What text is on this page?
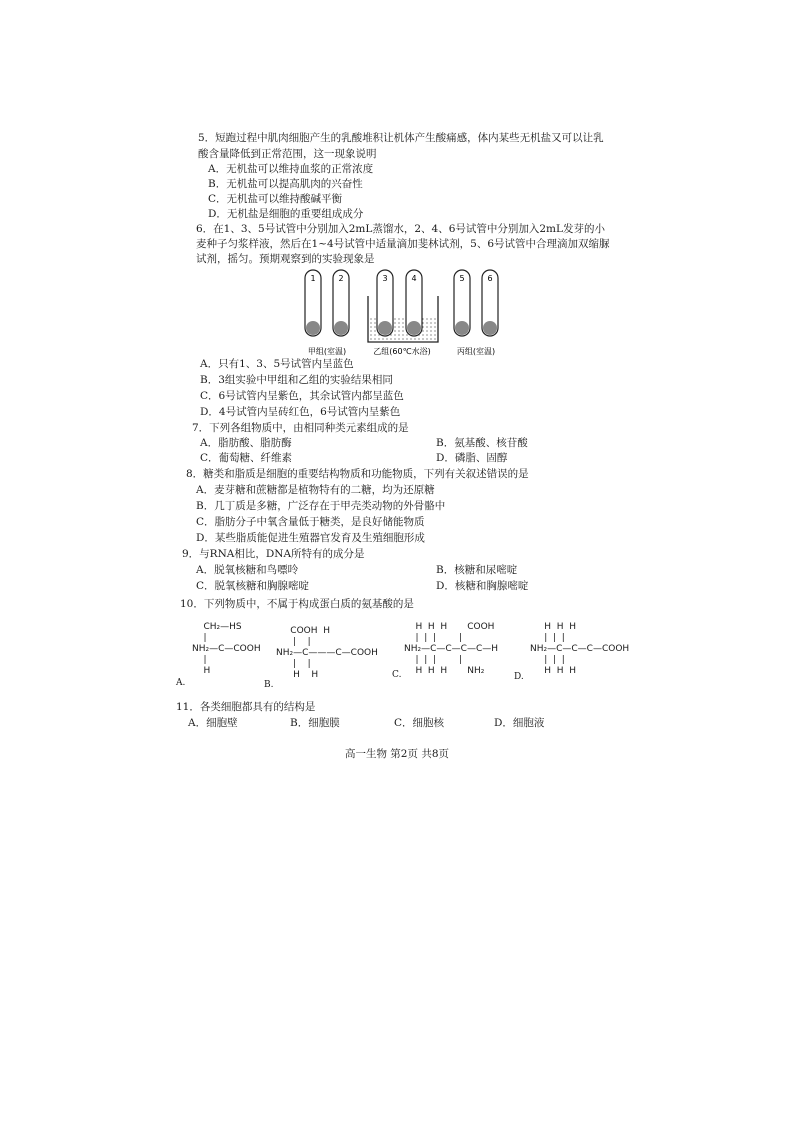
5．短跑过程中肌肉细胞产生的乳酸堆积让机体产生酸痛感，体内某些无机盐又可以让乳
酸含量降低到正常范围，这一现象说明
A．无机盐可以维持血浆的正常浓度
B．无机盐可以提高肌肉的兴奋性
C．无机盐可以维持酸碱平衡
D．无机盐是细胞的重要组成成分
6．在1、3、5号试管中分别加入2mL蒸馏水，2、4、6号试管中分别加入2mL发芽的小
麦种子匀浆样液，然后在1~4号试管中适量滴加斐林试剂，5、6号试管中合理滴加双缩脲
试剂，摇匀。预期观察到的实验现象是
1	2	3	4	5	6
甲组(室温)	乙组(60℃水浴)	丙组(室温)
A．只有1、3、5号试管内呈蓝色
B．3组实验中甲组和乙组的实验结果相同
C．6号试管内呈紫色，其余试管内都呈蓝色
D．4号试管内呈砖红色，6号试管内呈紫色
7．下列各组物质中，由相同种类元素组成的是
A．脂肪酸、脂肪酶	B．氨基酸、核苷酸
C．葡萄糖、纤维素	D．磷脂、固醇
8．糖类和脂质是细胞的重要结构物质和功能物质，下列有关叙述错误的是
A．麦芽糖和蔗糖都是植物特有的二糖，均为还原糖
B．几丁质是多糖，广泛存在于甲壳类动物的外骨骼中
C．脂肪分子中氧含量低于糖类，是良好储能物质
D．某些脂质能促进生殖器官发育及生殖细胞形成
9．与RNA相比，DNA所特有的成分是
A．脱氧核糖和鸟嘌呤	B．核糖和尿嘧啶
C．脱氧核糖和胸腺嘧啶	D．核糖和胸腺嘧啶
10．下列物质中，不属于构成蛋白质的氨基酸的是
CH₂—HS
|
NH₂—C—COOH
|
H
A.
COOH  H
|    |
NH₂—C———C—COOH
|    |
H    H
B.
H  H  H       COOH
|  |  |        |
NH₂—C—C—C—C—H
|  |  |        |
H  H  H       NH₂
C.
H  H  H
|  |  |
NH₂—C—C—C—COOH
|  |  |
H  H  H
D.
11．各类细胞都具有的结构是
A．细胞壁	B．细胞膜	C．细胞核	D．细胞液
高一生物 第2页 共8页
